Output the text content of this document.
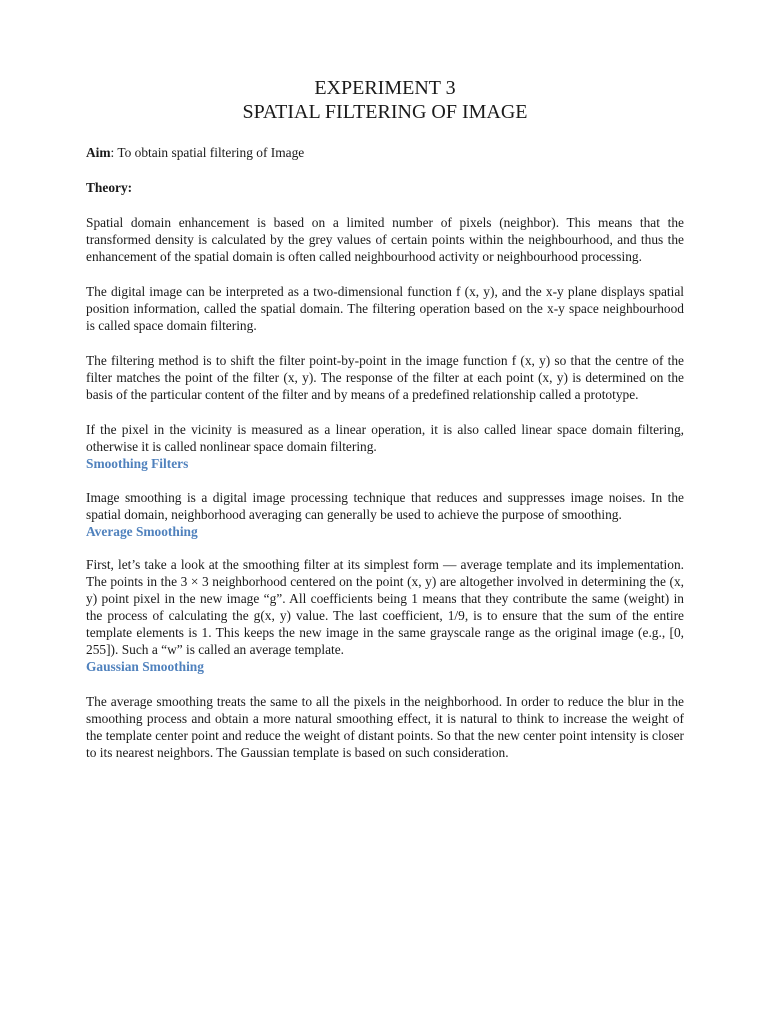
EXPERIMENT 3
SPATIAL FILTERING OF IMAGE

Aim: To obtain spatial filtering of Image

Theory:

Spatial domain enhancement is based on a limited number of pixels (neighbor). This means that the transformed density is calculated by the grey values of certain points within the neighbourhood, and thus the enhancement of the spatial domain is often called neighbourhood activity or neighbourhood processing.

The digital image can be interpreted as a two-dimensional function f (x, y), and the x-y plane displays spatial position information, called the spatial domain. The filtering operation based on the x-y space neighbourhood is called space domain filtering.

The filtering method is to shift the filter point-by-point in the image function f (x, y) so that the centre of the filter matches the point of the filter (x, y). The response of the filter at each point (x, y) is determined on the basis of the particular content of the filter and by means of a predefined relationship called a prototype.

If the pixel in the vicinity is measured as a linear operation, it is also called linear space domain filtering, otherwise it is called nonlinear space domain filtering.

Smoothing Filters

Image smoothing is a digital image processing technique that reduces and suppresses image noises. In the spatial domain, neighborhood averaging can generally be used to achieve the purpose of smoothing.

Average Smoothing

First, let’s take a look at the smoothing filter at its simplest form — average template and its implementation. The points in the 3 × 3 neighborhood centered on the point (x, y) are altogether involved in determining the (x, y) point pixel in the new image “g”. All coefficients being 1 means that they contribute the same (weight) in the process of calculating the g(x, y) value. The last coefficient, 1/9, is to ensure that the sum of the entire template elements is 1. This keeps the new image in the same grayscale range as the original image (e.g., [0, 255]). Such a “w” is called an average template.

Gaussian Smoothing

The average smoothing treats the same to all the pixels in the neighborhood. In order to reduce the blur in the smoothing process and obtain a more natural smoothing effect, it is natural to think to increase the weight of the template center point and reduce the weight of distant points. So that the new center point intensity is closer to its nearest neighbors. The Gaussian template is based on such consideration.
